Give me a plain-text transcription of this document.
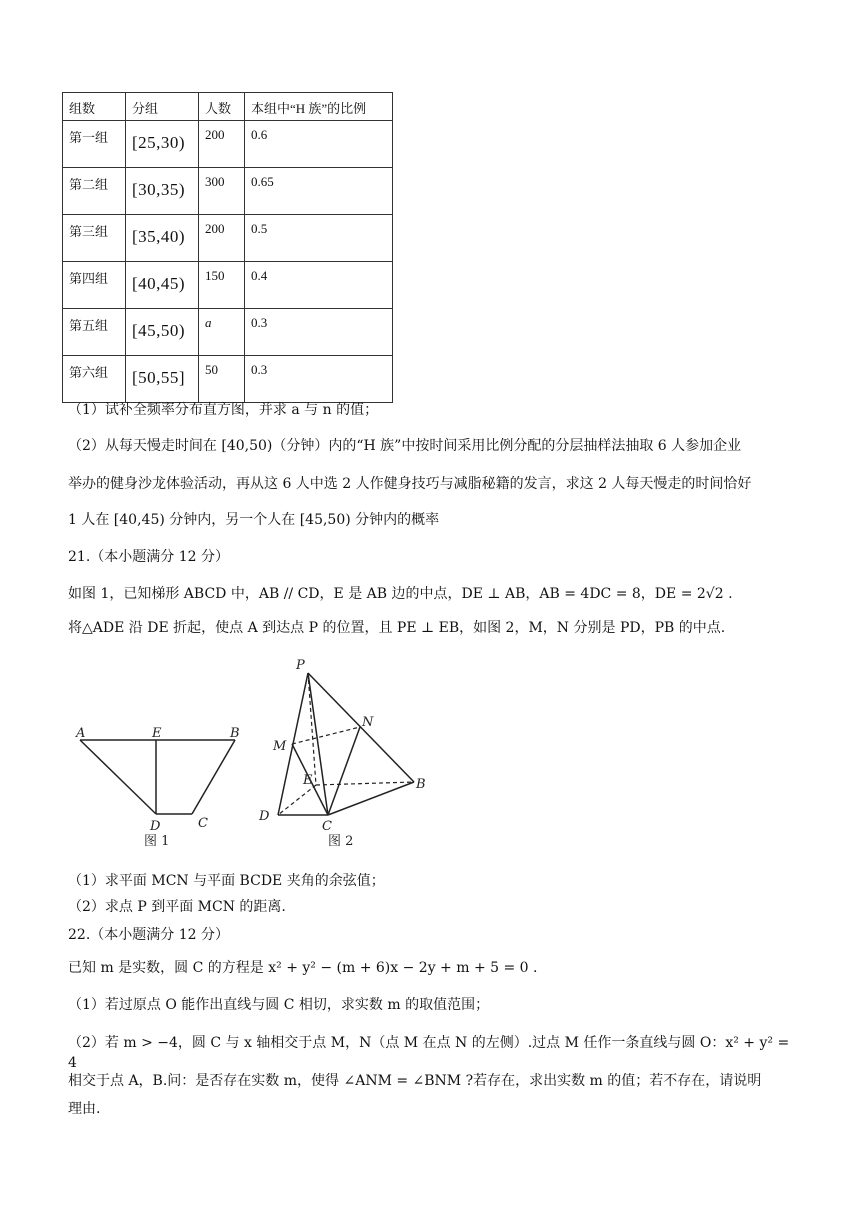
组数	分组	人数	本组中“H 族”的比例
第一组	[25,30)	200	0.6
第二组	[30,35)	300	0.65
第三组	[35,40)	200	0.5
第四组	[40,45)	150	0.4
第五组	[45,50)	a	0.3
第六组	[50,55]	50	0.3
（1）试补全频率分布直方图，并求 a 与 n 的值；
（2）从每天慢走时间在 [40,50)（分钟）内的“H 族”中按时间采用比例分配的分层抽样法抽取 6 人参加企业
举办的健身沙龙体验活动，再从这 6 人中选 2 人作健身技巧与减脂秘籍的发言，求这 2 人每天慢走的时间恰好
1 人在 [40,45) 分钟内，另一个人在 [45,50) 分钟内的概率
21.（本小题满分 12 分）
如图 1，已知梯形 ABCD 中，AB // CD，E 是 AB 边的中点，DE ⊥ AB，AB = 4DC = 8，DE = 2√2 .
将△ADE 沿 DE 折起，使点 A 到达点 P 的位置，且 PE ⊥ EB，如图 2，M，N 分别是 PD，PB 的中点.
A	E	B
D	C
图 1
P
N
M
E	B
D
C
图 2
（1）求平面 MCN 与平面 BCDE 夹角的余弦值；
（2）求点 P 到平面 MCN 的距离.
22.（本小题满分 12 分）
已知 m 是实数，圆 C 的方程是 x² + y² − (m + 6)x − 2y + m + 5 = 0 .
（1）若过原点 O 能作出直线与圆 C 相切，求实数 m 的取值范围；
（2）若 m > −4，圆 C 与 x 轴相交于点 M，N（点 M 在点 N 的左侧）.过点 M 任作一条直线与圆 O：x² + y² = 4
相交于点 A，B.问：是否存在实数 m，使得 ∠ANM = ∠BNM ?若存在，求出实数 m 的值；若不存在，请说明
理由.
